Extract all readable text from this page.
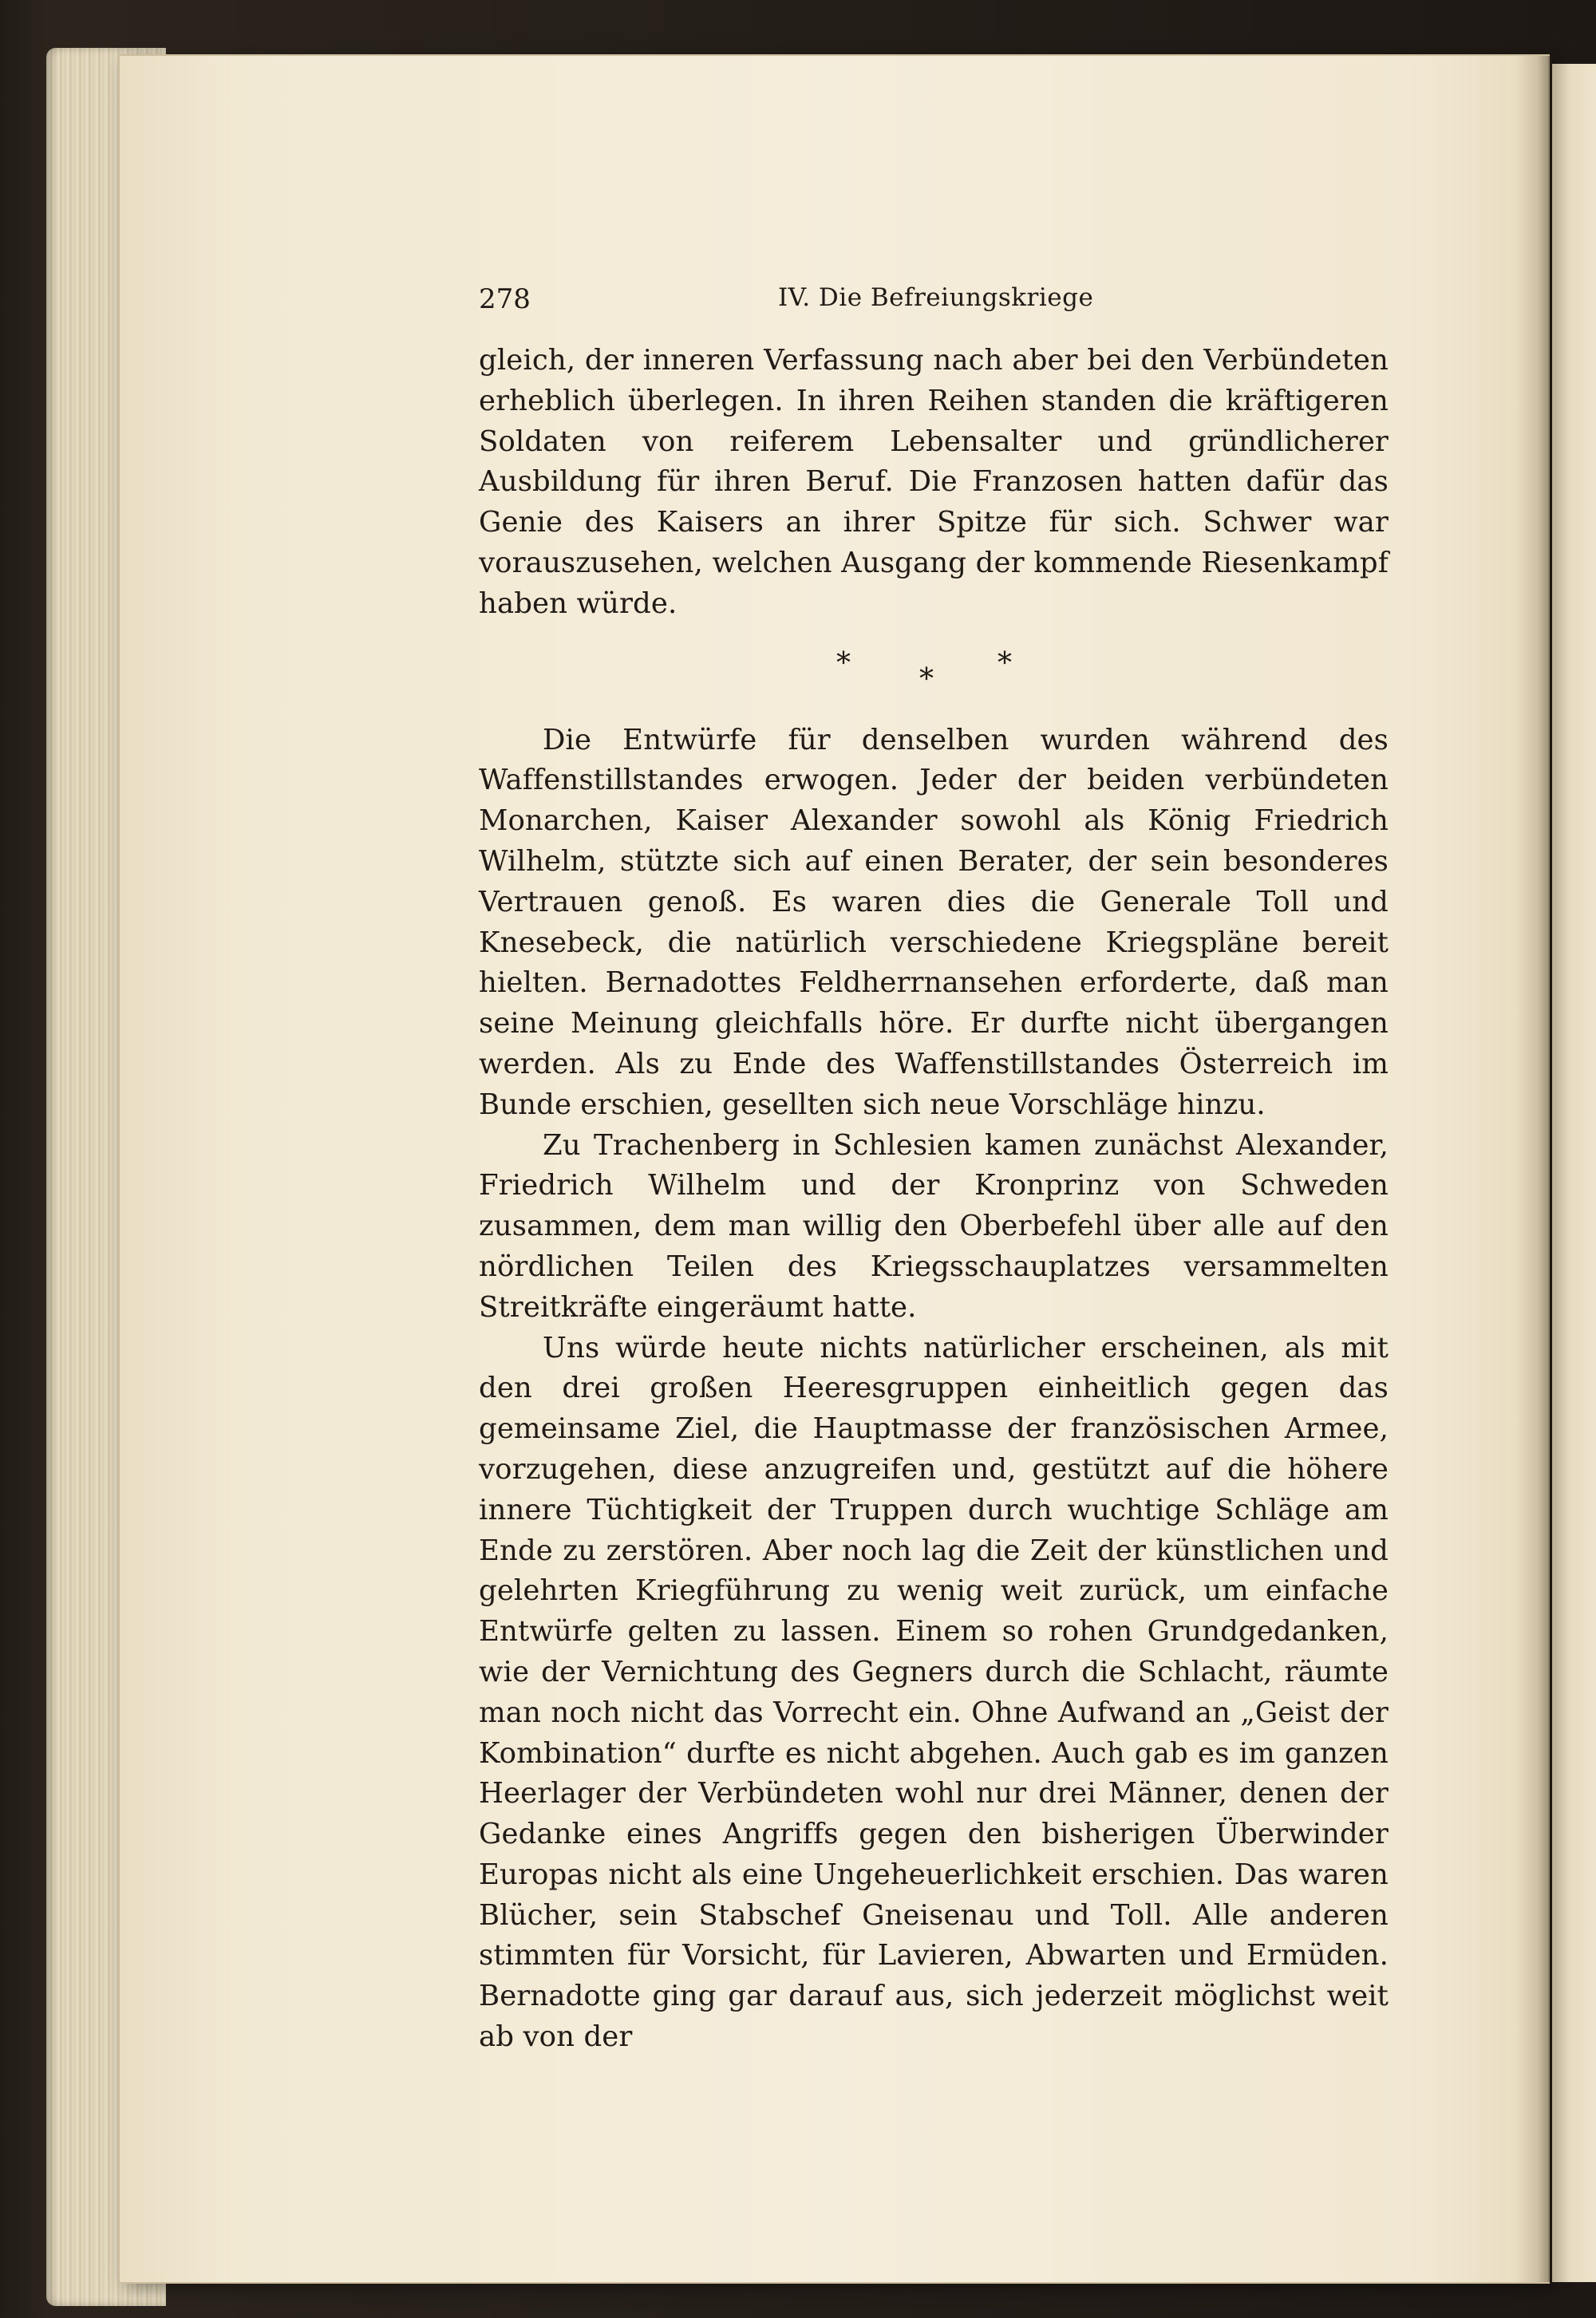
278	IV. Die Befreiungskriege

gleich, der inneren Verfassung nach aber bei den Verbündeten erheblich überlegen. In ihren Reihen standen die kräftigeren Soldaten von reiferem Lebensalter und gründlicherer Ausbildung für ihren Beruf. Die Franzosen hatten dafür das Genie des Kaisers an ihrer Spitze für sich. Schwer war vorauszusehen, welchen Ausgang der kommende Riesenkampf haben würde.

* * *

Die Entwürfe für denselben wurden während des Waffenstillstandes erwogen. Jeder der beiden verbündeten Monarchen, Kaiser Alexander sowohl als König Friedrich Wilhelm, stützte sich auf einen Berater, der sein besonderes Vertrauen genoß. Es waren dies die Generale Toll und Knesebeck, die natürlich verschiedene Kriegspläne bereit hielten. Bernadottes Feldherrnansehen erforderte, daß man seine Meinung gleichfalls höre. Er durfte nicht übergangen werden. Als zu Ende des Waffenstillstandes Österreich im Bunde erschien, gesellten sich neue Vorschläge hinzu.

Zu Trachenberg in Schlesien kamen zunächst Alexander, Friedrich Wilhelm und der Kronprinz von Schweden zusammen, dem man willig den Oberbefehl über alle auf den nördlichen Teilen des Kriegsschauplatzes versammelten Streitkräfte eingeräumt hatte.

Uns würde heute nichts natürlicher erscheinen, als mit den drei großen Heeresgruppen einheitlich gegen das gemeinsame Ziel, die Hauptmasse der französischen Armee, vorzugehen, diese anzugreifen und, gestützt auf die höhere innere Tüchtigkeit der Truppen durch wuchtige Schläge am Ende zu zerstören. Aber noch lag die Zeit der künstlichen und gelehrten Kriegführung zu wenig weit zurück, um einfache Entwürfe gelten zu lassen. Einem so rohen Grundgedanken, wie der Vernichtung des Gegners durch die Schlacht, räumte man noch nicht das Vorrecht ein. Ohne Aufwand an „Geist der Kombination“ durfte es nicht abgehen. Auch gab es im ganzen Heerlager der Verbündeten wohl nur drei Männer, denen der Gedanke eines Angriffs gegen den bisherigen Überwinder Europas nicht als eine Ungeheuerlichkeit erschien. Das waren Blücher, sein Stabschef Gneisenau und Toll. Alle anderen stimmten für Vorsicht, für Lavieren, Abwarten und Ermüden. Bernadotte ging gar darauf aus, sich jederzeit möglichst weit ab von der
